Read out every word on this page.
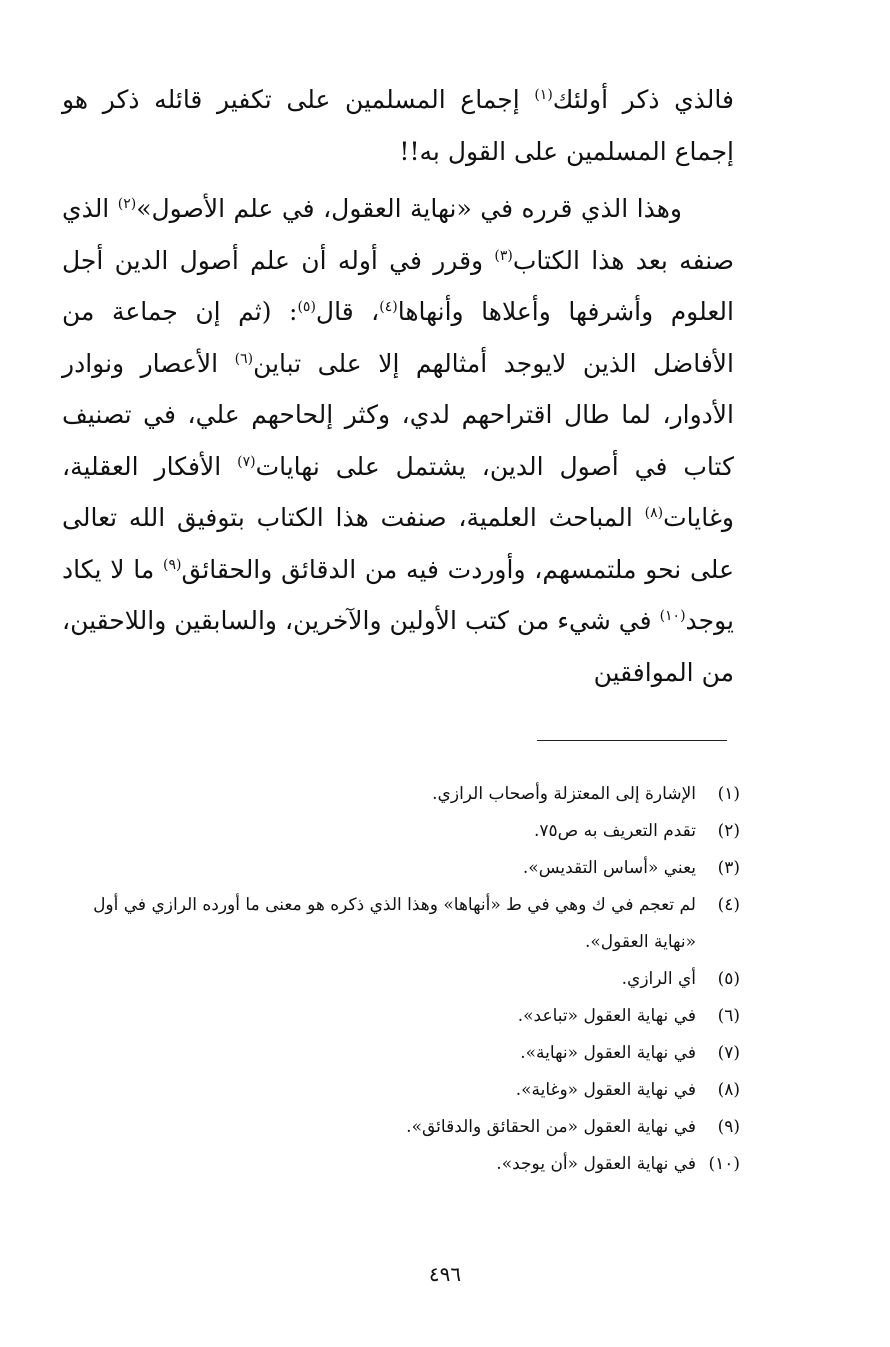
فالذي ذكر أولئك$^{(١)}$ إجماع المسلمين على تكفير قائله ذكر هو إجماع المسلمين على القول به!!

وهذا الذي قرره في «نهاية العقول، في علم الأصول»$^{(٢)}$ الذي صنفه بعد هذا الكتاب$^{(٣)}$ وقرر في أوله أن علم أصول الدين أجل العلوم وأشرفها وأعلاها وأنهاها$^{(٤)}$، قال$^{(٥)}$: (ثم إن جماعة من الأفاضل الذين لايوجد أمثالهم إلا على تباين$^{(٦)}$ الأعصار ونوادر الأدوار، لما طال اقتراحهم لدي، وكثر إلحاحهم علي، في تصنيف كتاب في أصول الدين، يشتمل على نهايات$^{(٧)}$ الأفكار العقلية، وغايات$^{(٨)}$ المباحث العلمية، صنفت هذا الكتاب بتوفيق الله تعالى على نحو ملتمسهم، وأوردت فيه من الدقائق والحقائق$^{(٩)}$ ما لا يكاد يوجد$^{(١٠)}$ في شيء من كتب الأولين والآخرين، والسابقين واللاحقين، من الموافقين

(١)
الإشارة إلى المعتزلة وأصحاب الرازي.
(٢)
تقدم التعريف به ص٧٥.
(٣)
يعني «أساس التقديس».
(٤)
لم تعجم في ك وهي في ط «أنهاها» وهذا الذي ذكره هو معنى ما أورده الرازي في أول «نهاية العقول».
(٥)
أي الرازي.
(٦)
في نهاية العقول «تباعد».
(٧)
في نهاية العقول «نهاية».
(٨)
في نهاية العقول «وغاية».
(٩)
في نهاية العقول «من الحقائق والدقائق».
(١٠)
في نهاية العقول «أن يوجد».
٤٩٦
